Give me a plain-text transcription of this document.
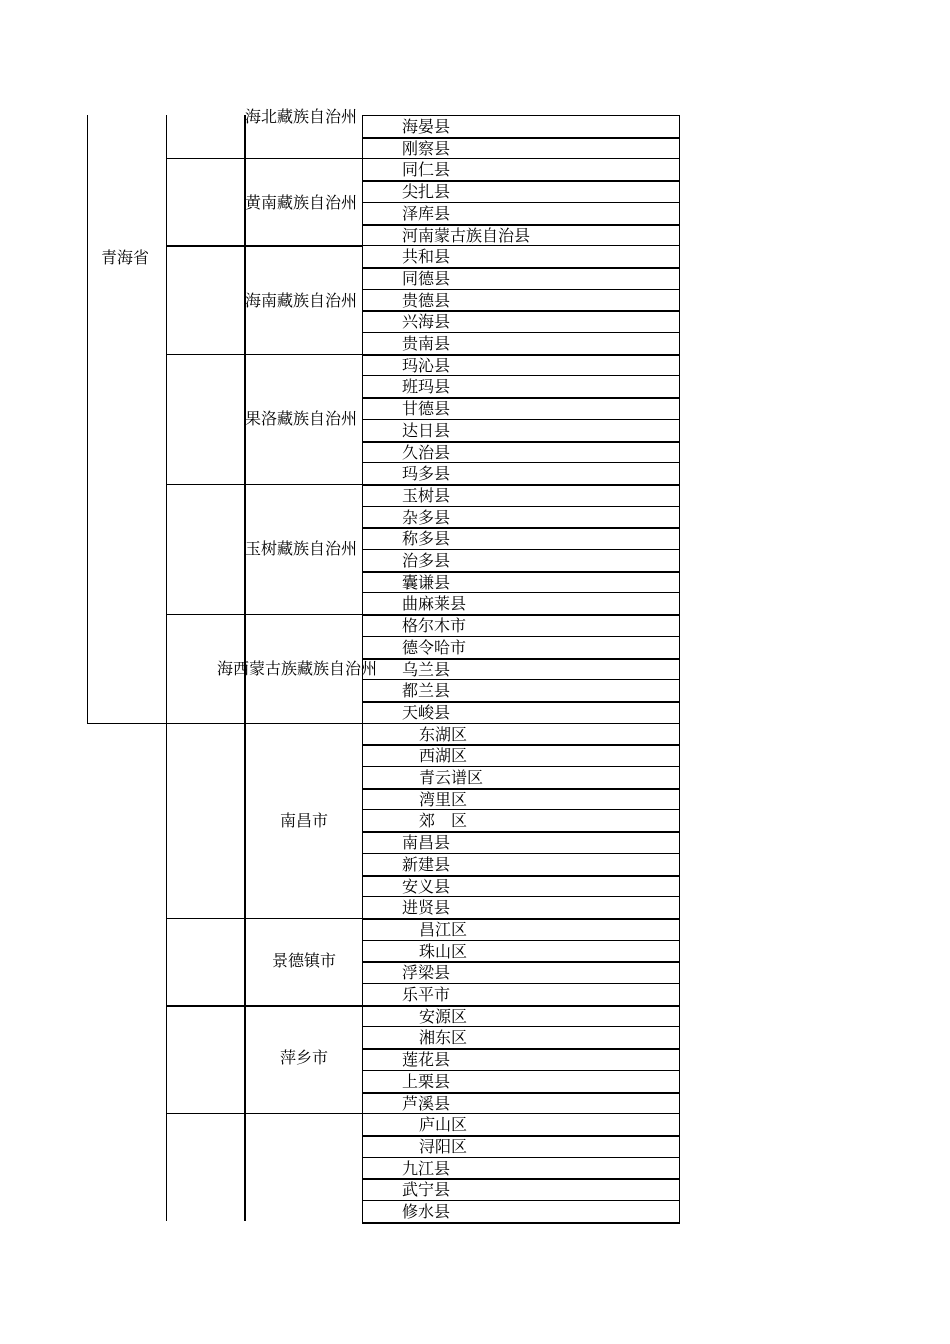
青海省
海晏县
刚察县
同仁县
尖扎县
泽库县
河南蒙古族自治县
共和县
同德县
贵德县
兴海县
贵南县
玛沁县
班玛县
甘德县
达日县
久治县
玛多县
玉树县
杂多县
称多县
治多县
囊谦县
曲麻莱县
格尔木市
德令哈市
乌兰县
都兰县
天峻县
东湖区
西湖区
青云谱区
湾里区
郊　区
南昌县
新建县
安义县
进贤县
昌江区
珠山区
浮梁县
乐平市
安源区
湘东区
莲花县
上栗县
芦溪县
庐山区
浔阳区
九江县
武宁县
修水县
海北藏族自治州
黄南藏族自治州
海南藏族自治州
果洛藏族自治州
玉树藏族自治州
海西蒙古族藏族自治州
南昌市
景德镇市
萍乡市
